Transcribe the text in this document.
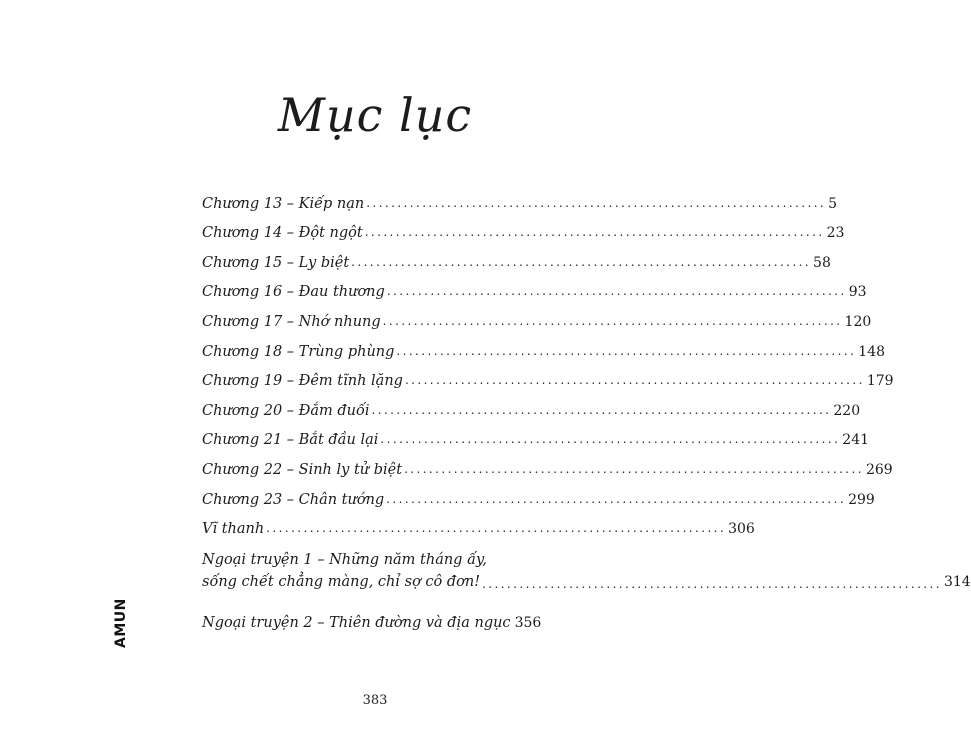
Mục lục
Chương 13 – Kiếp nạn .......................................................................... 5
Chương 14 – Đột ngột .......................................................................... 23
Chương 15 – Ly biệt .......................................................................... 58
Chương 16 – Đau thương .......................................................................... 93
Chương 17 – Nhớ nhung .......................................................................... 120
Chương 18 – Trùng phùng .......................................................................... 148
Chương 19 – Đêm tĩnh lặng .......................................................................... 179
Chương 20 – Đắm đuối .......................................................................... 220
Chương 21 – Bắt đầu lại .......................................................................... 241
Chương 22 – Sinh ly tử biệt .......................................................................... 269
Chương 23 – Chân tướng .......................................................................... 299
Vĩ thanh .......................................................................... 306
Ngoại truyện 1 – Những năm tháng ấy,
sống chết chẳng màng, chỉ sợ cô đơn! .......................................................................... 314
Ngoại truyện 2 – Thiên đường và địa ngục 356
AMUN
383
